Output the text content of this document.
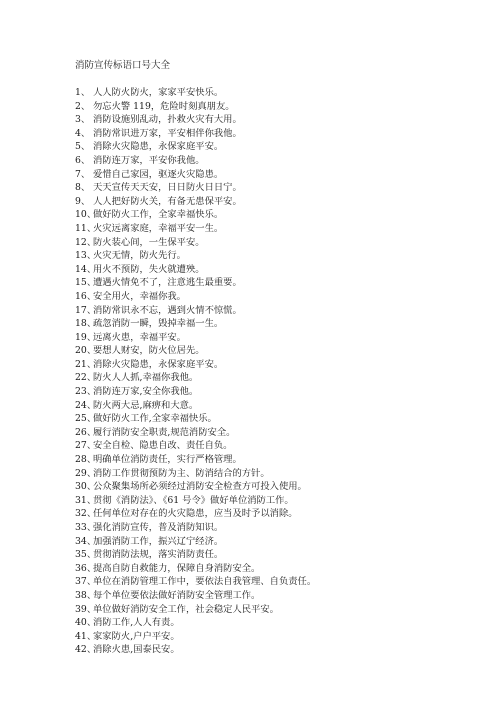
消防宣传标语口号大全
1、 人人防火防火，家家平安快乐。
2、 勿忘火警 119，危险时刻真朋友。
3、 消防设施别乱动，扑救火灾有大用。
4、 消防常识进万家，平安相伴你我他。
5、 消除火灾隐患，永保家庭平安。
6、 消防连万家，平安你我他。
7、 爱惜自己家园，驱逐火灾隐患。
8、 天天宣传天天安，日日防火日日宁。
9、 人人把好防火关，有备无患保平安。
10、
做好防火工作，全家幸福快乐。
11、
火灾远离家庭，幸福平安一生。
12、
防火装心间，一生保平安。
13、
火灾无情，防火先行。
14、
用火不预防，失火就遭殃。
15、
遭遇火情免不了，注意逃生最重要。
16、
安全用火，幸福你我。
17、
消防常识永不忘，遇到火情不惊慌。
18、
疏忽消防一瞬，毁掉幸福一生。
19、
远离火患，幸福平安。
20、
要想人财安，防火位居先。
21、
消除火灾隐患，永保家庭平安。
22、
防火人人抓,幸福你我他。
23、
消防连万家,安全你我他。
24、
防火两大忌,麻痹和大意。
25、
做好防火工作,全家幸福快乐。
26、
履行消防安全职责,规范消防安全。
27、
安全自检、隐患自改、责任自负。
28、
明确单位消防责任，实行严格管理。
29、
消防工作贯彻预防为主、防消结合的方针。
30、
公众聚集场所必须经过消防安全检查方可投入使用。
31、
贯彻《消防法》、《61 号令》做好单位消防工作。
32、
任何单位对存在的火灾隐患，应当及时予以消除。
33、
强化消防宣传，普及消防知识。
34、
加强消防工作，振兴辽宁经济。
35、
贯彻消防法规，落实消防责任。
36、
提高自防自救能力，保障自身消防安全。
37、
单位在消防管理工作中，要依法自我管理、自负责任。
38、
每个单位要依法做好消防安全管理工作。
39、
单位做好消防安全工作，社会稳定人民平安。
40、
消防工作,人人有责。
41、
家家防火,户户平安。
42、
消除火患,国泰民安。
